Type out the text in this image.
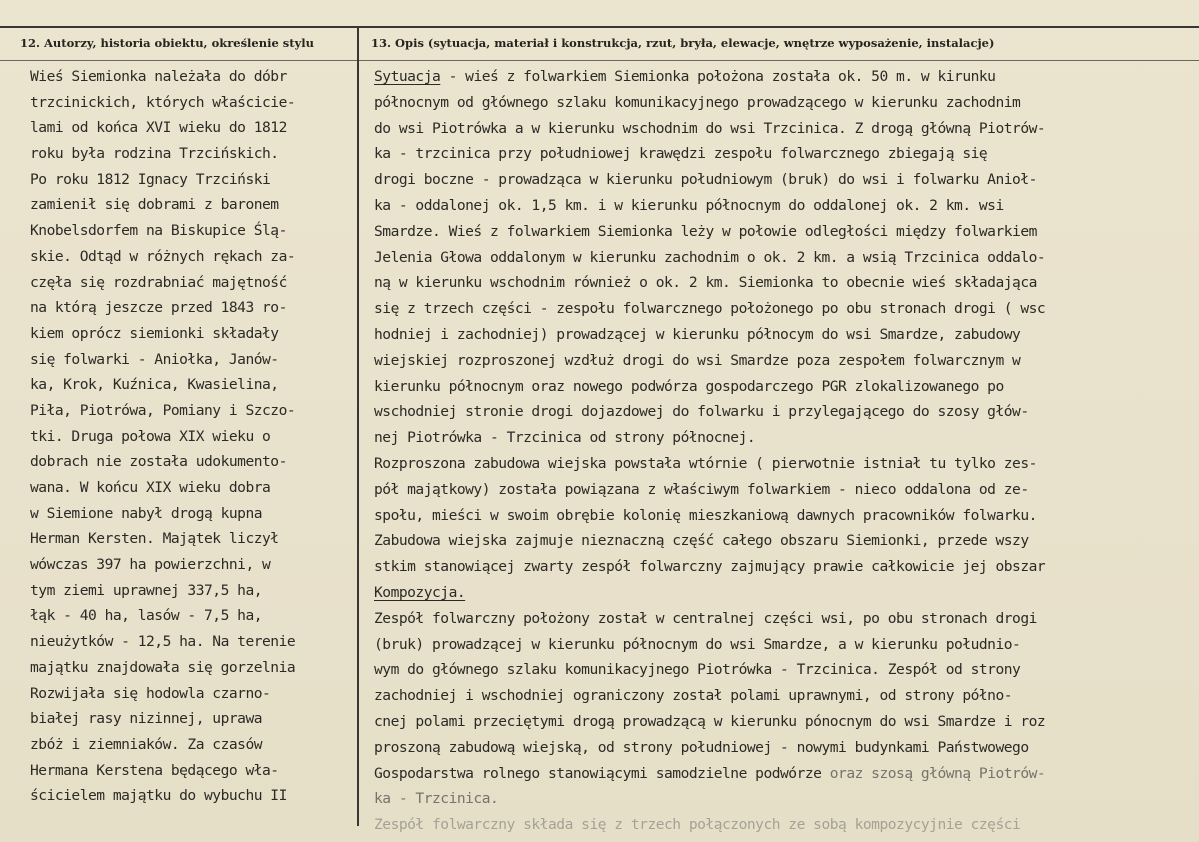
12. Autorzy, historia obiektu, określenie stylu	13. Opis (sytuacja, materiał i konstrukcja, rzut, bryła, elewacje, wnętrze wyposażenie, instalacje)
Wieś Siemionka należała do dóbr
trzcinickich, których właściciе-
lami od końca XVI wieku do 1812
roku była rodzina Trzcińskich.
Po roku 1812 Ignacy Trzciński
zamienił się dobrami z baronem
Knobelsdorfem na Biskupice Ślą-
skie. Odtąd w różnych rękach za-
częła się rozdrabniać majętność
na którą jeszcze przed 1843 ro-
kiem oprócz siemionki składały
się folwarki - Aniołka, Janów-
ka, Krok, Kuźnica, Kwasielina,
Piła, Piotrówa, Pomiany i Szczo-
tki. Druga połowa XIX wieku o
dobrach nie została udokumento-
wana. W końcu XIX wieku dobra
w Siemione nabył drogą kupna
Herman Kersten. Majątek liczył
wówczas 397 ha powierzchni, w
tym ziemi uprawnej 337,5 ha,
łąk - 40 ha, lasów - 7,5 ha,
nieużytków - 12,5 ha. Na terenie
majątku znajdowała się gorzelnia
Rozwijała się hodowla czarno-
białej rasy nizinnej, uprawa
zbóż i ziemniaków. Za czasów
Hermana Kerstena będącego wła-
ścicielem majątku do wybuchu II
Sytuacja - wieś z folwarkiem Siemionka położona została ok. 50 m. w kirunku
północnym od głównego szlaku komunikacyjnego prowadzącego w kierunku zachodnim
do wsi Piotrówka a w kierunku wschodnim do wsi Trzcinica. Z drogą główną Piotrów-
ka - trzcinica przy południowej krawędzi zespołu folwarcznego zbiegają się
drogi boczne - prowadząca w kierunku południowym (bruk) do wsi i folwarku Anioł-
ka - oddalonej ok. 1,5 km. i w kierunku północnym do oddalonej ok. 2 km. wsi
Smardze. Wieś z folwarkiem Siemionka leży w połowie odległości między folwarkiem
Jelenia Głowa oddalonym w kierunku zachodnim o ok. 2 km. a wsią Trzcinica oddalo-
ną w kierunku wschodnim również o ok. 2 km. Siemionka to obecnie wieś składająca
się z trzech części - zespołu folwarcznego położonego po obu stronach drogi ( wsc
hodniej i zachodniej) prowadzącej w kierunku północym do wsi Smardze, zabudowy
wiejskiej rozproszonej wzdłuż drogi do wsi Smardze poza zespołem folwarcznym w
kierunku północnym oraz nowego podwórza gospodarczego PGR zlokalizowanego po
wschodniej stronie drogi dojazdowej do folwarku i przylegającego do szosy głów-
nej Piotrówka - Trzcinica od strony północnej.
Rozproszona zabudowa wiejska powstała wtórnie ( pierwotnie istniał tu tylko zes-
pół majątkowy) została powiązana z właściwym folwarkiem - nieco oddalona od ze-
społu, mieści w swoim obrębie kolonię mieszkaniową dawnych pracowników folwarku.
Zabudowa wiejska zajmuje nieznaczną część całego obszaru Siemionki, przede wszy
stkim stanowiącej zwarty zespół folwarczny zajmujący prawie całkowicie jej obszar
Kompozycja.
Zespół folwarczny położony został w centralnej części wsi, po obu stronach drogi
(bruk) prowadzącej w kierunku północnym do wsi Smardze, a w kierunku południo-
wym do głównego szlaku komunikacyjnego Piotrówka - Trzcinica. Zespół od strony
zachodniej i wschodniej ograniczony został polami uprawnymi, od strony półno-
cnej polami przeciętymi drogą prowadzącą w kierunku pónocnym do wsi Smardze i roz
proszoną zabudową wiejską, od strony południowej - nowymi budynkami Państwowego
Gospodarstwa rolnego stanowiącymi samodzielne podwórze oraz szosą główną Piotrów-
ka - Trzcinica.
Zespół folwarczny składa się z trzech połączonych ze sobą kompozycyjnie części
